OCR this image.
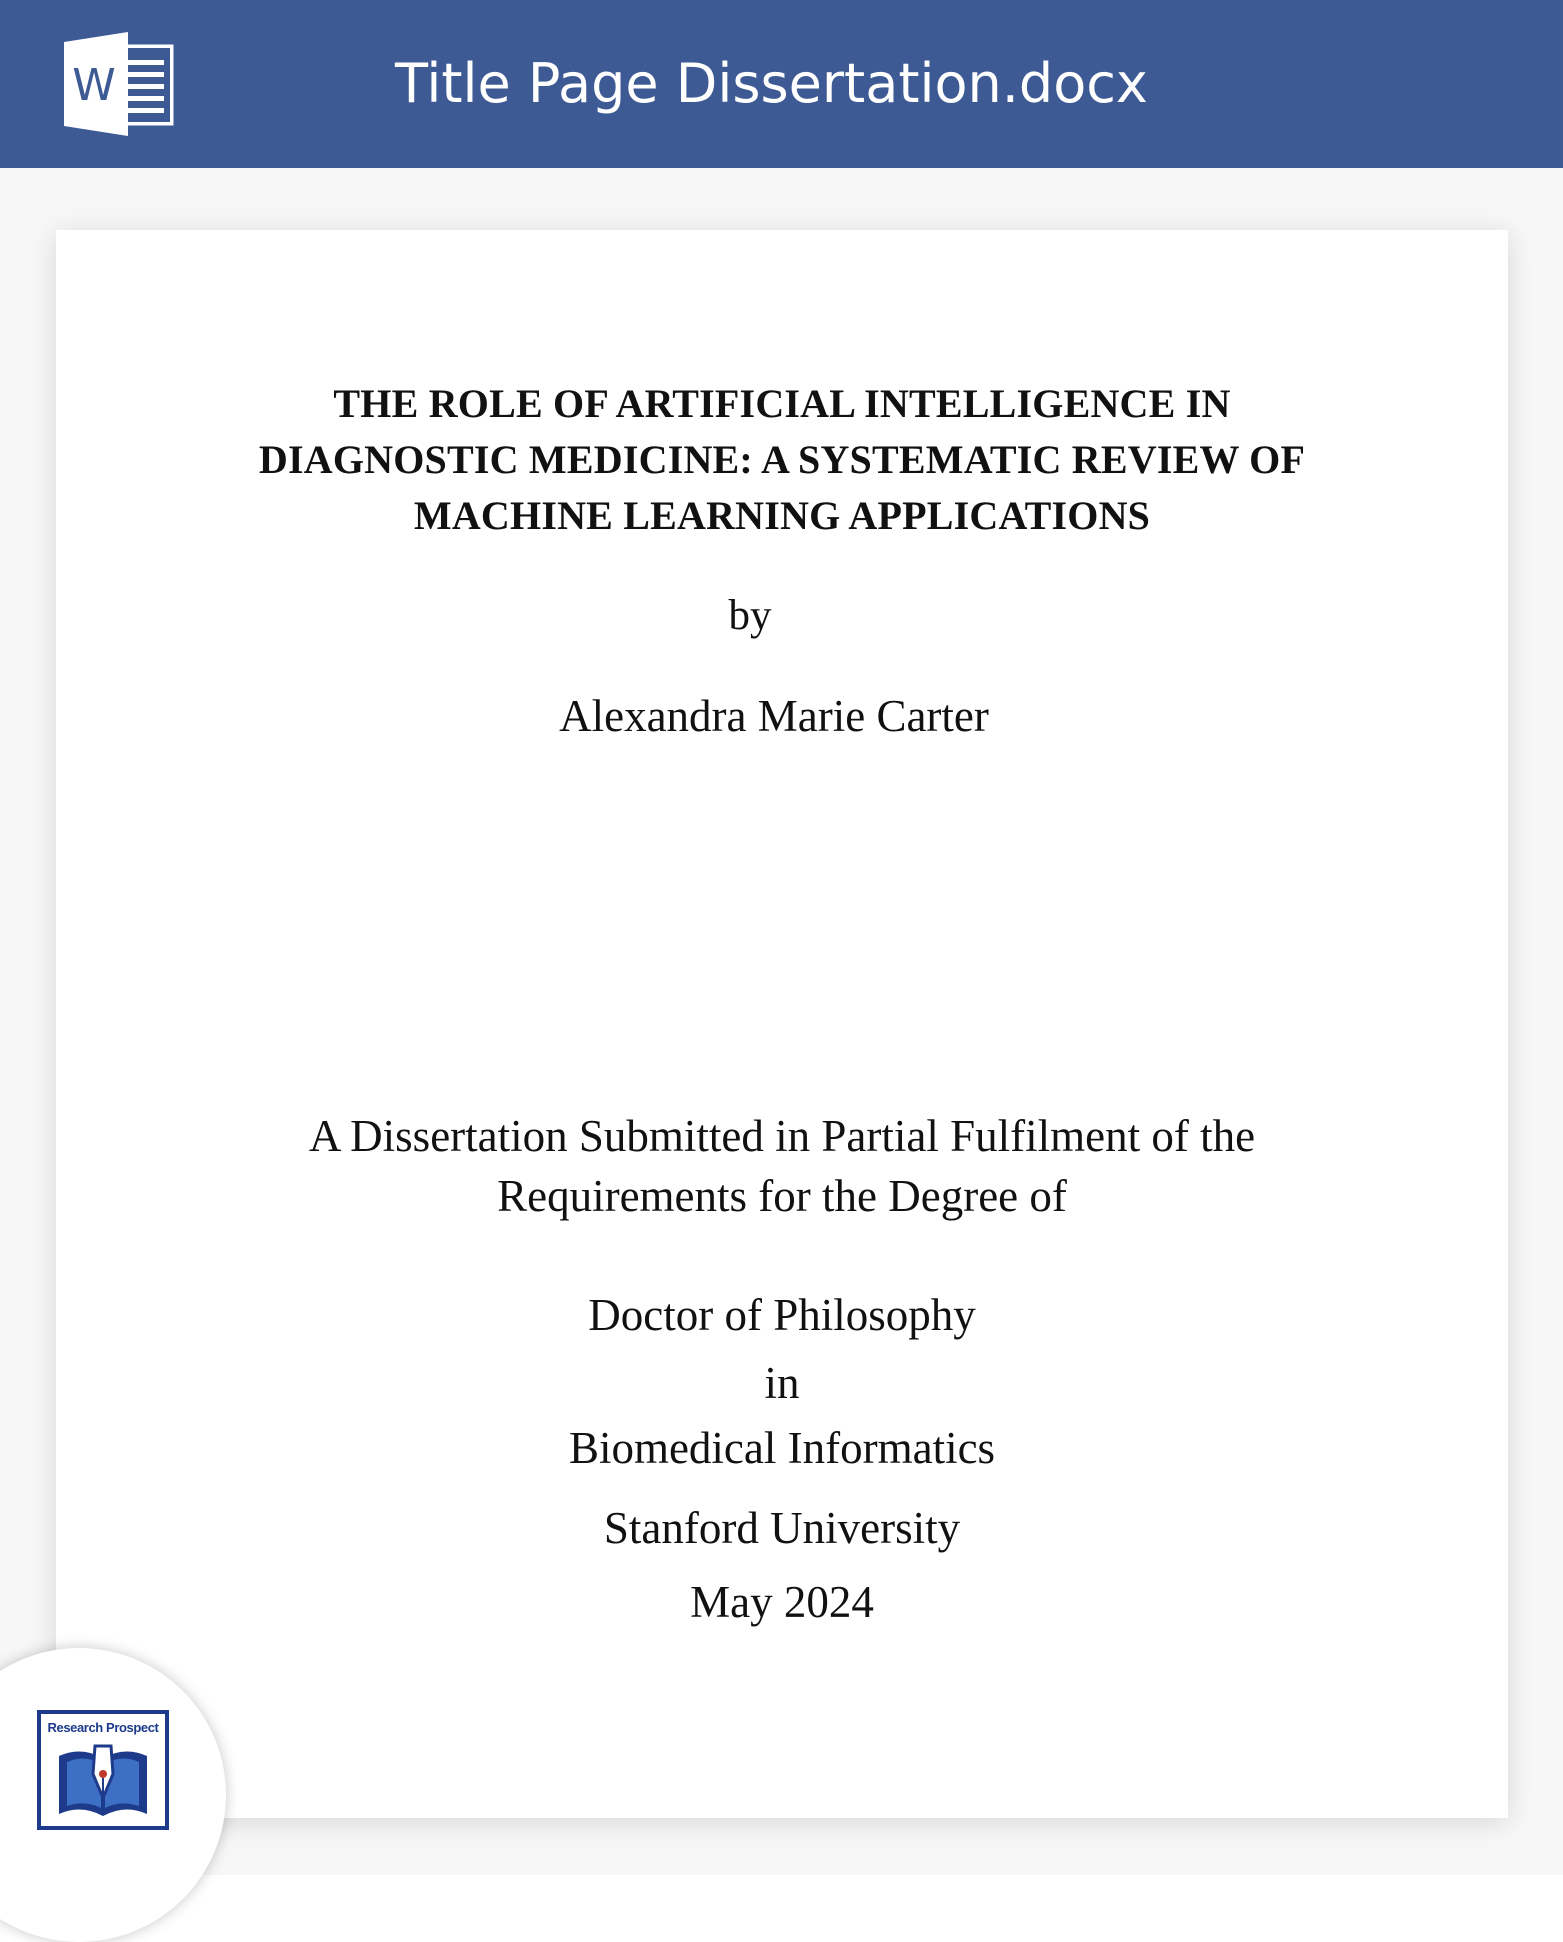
W	Title Page Dissertation.docx
THE ROLE OF ARTIFICIAL INTELLIGENCE IN
DIAGNOSTIC MEDICINE: A SYSTEMATIC REVIEW OF
MACHINE LEARNING APPLICATIONS
by
Alexandra Marie Carter
A Dissertation Submitted in Partial Fulfilment of the
Requirements for the Degree of
Doctor of Philosophy
in
Biomedical Informatics
Stanford University
May 2024
Research Prospect
